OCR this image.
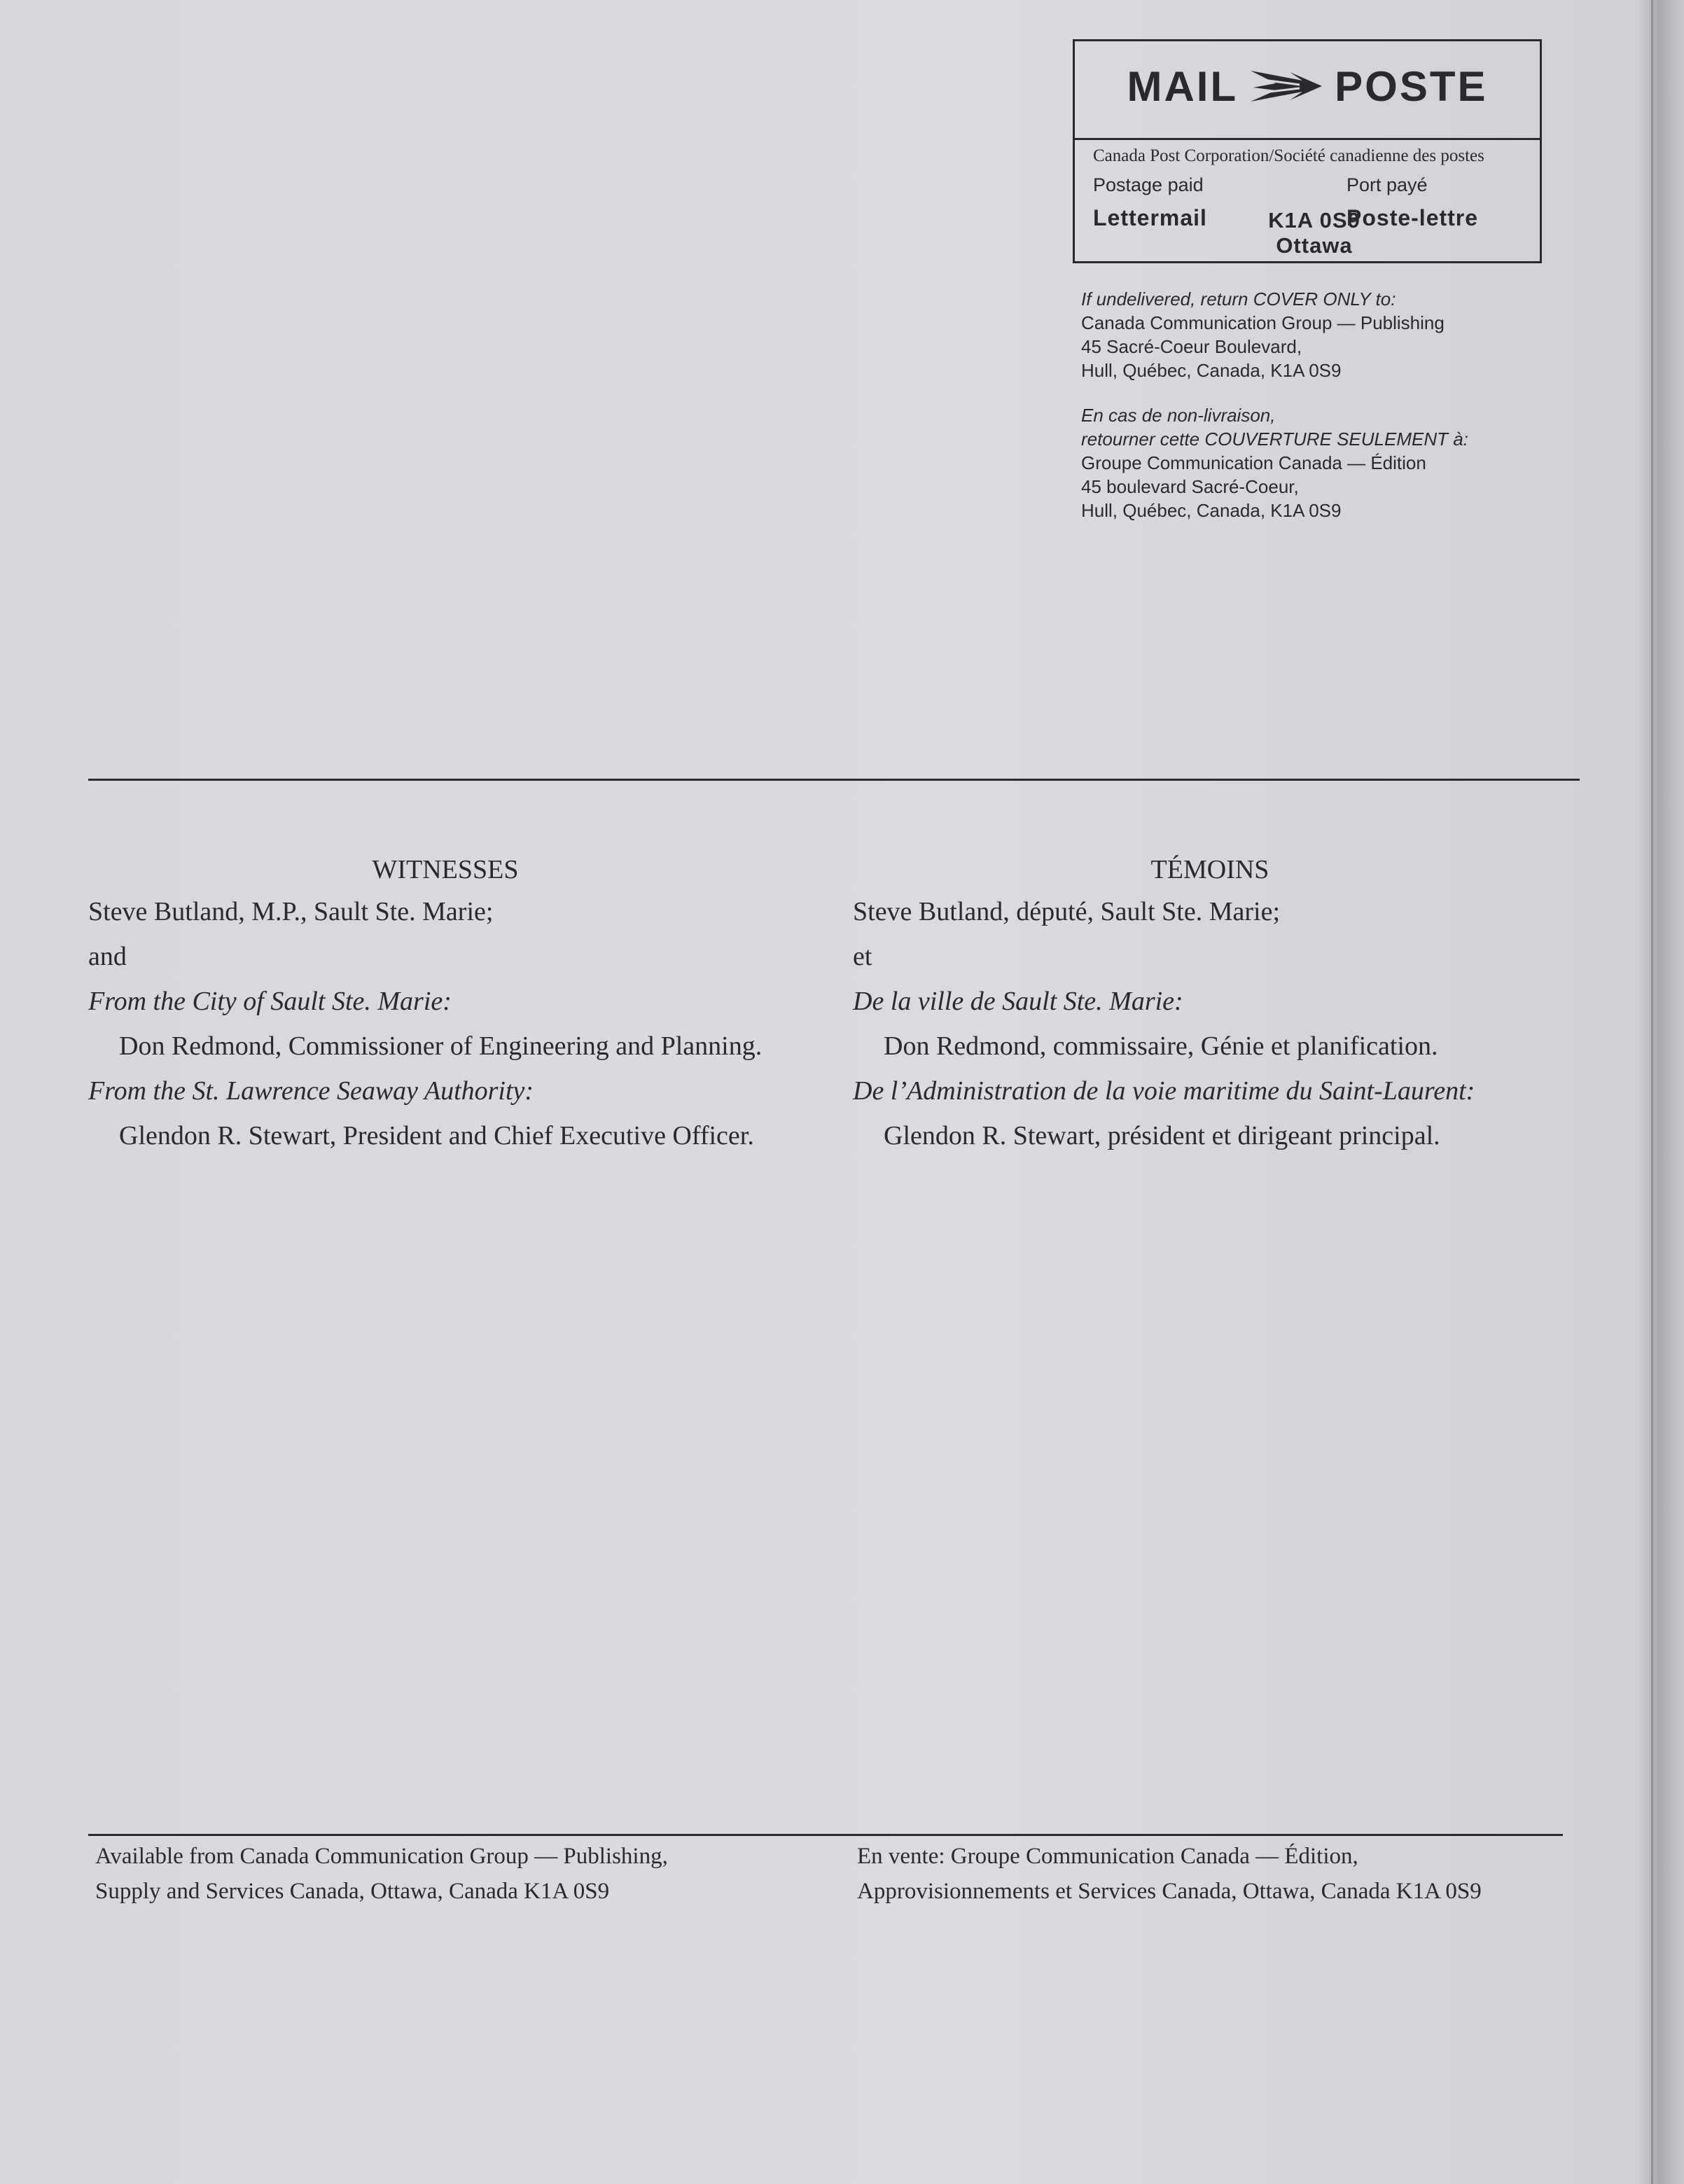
MAIL POSTE
Canada Post Corporation/Société canadienne des postes
Postage paid	Port payé
Lettermail	Poste-lettre
K1A 0S9
Ottawa
If undelivered, return COVER ONLY to:
Canada Communication Group — Publishing
45 Sacré-Coeur Boulevard,
Hull, Québec, Canada, K1A 0S9
En cas de non-livraison,
retourner cette COUVERTURE SEULEMENT à:
Groupe Communication Canada — Édition
45 boulevard Sacré-Coeur,
Hull, Québec, Canada, K1A 0S9
WITNESSES
Steve Butland, M.P., Sault Ste. Marie;
and
From the City of Sault Ste. Marie:
Don Redmond, Commissioner of Engineering and Planning.
From the St. Lawrence Seaway Authority:
Glendon R. Stewart, President and Chief Executive Officer.
TÉMOINS
Steve Butland, député, Sault Ste. Marie;
et
De la ville de Sault Ste. Marie:
Don Redmond, commissaire, Génie et planification.
De l’Administration de la voie maritime du Saint-Laurent:
Glendon R. Stewart, président et dirigeant principal.
Available from Canada Communication Group — Publishing,
Supply and Services Canada, Ottawa, Canada K1A 0S9
En vente: Groupe Communication Canada — Édition,
Approvisionnements et Services Canada, Ottawa, Canada K1A 0S9
